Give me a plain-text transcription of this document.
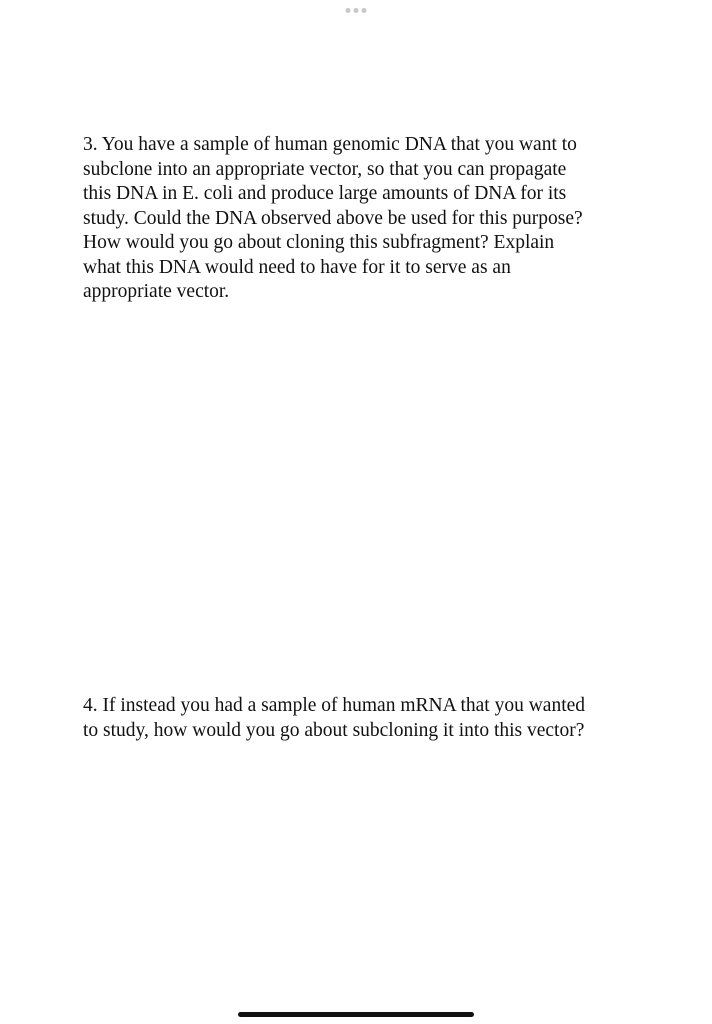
3. You have a sample of human genomic DNA that you want to
subclone into an appropriate vector, so that you can propagate
this DNA in E. coli and produce large amounts of DNA for its
study. Could the DNA observed above be used for this purpose?
How would you go about cloning this subfragment? Explain
what this DNA would need to have for it to serve as an
appropriate vector.

4. If instead you had a sample of human mRNA that you wanted
to study, how would you go about subcloning it into this vector?
